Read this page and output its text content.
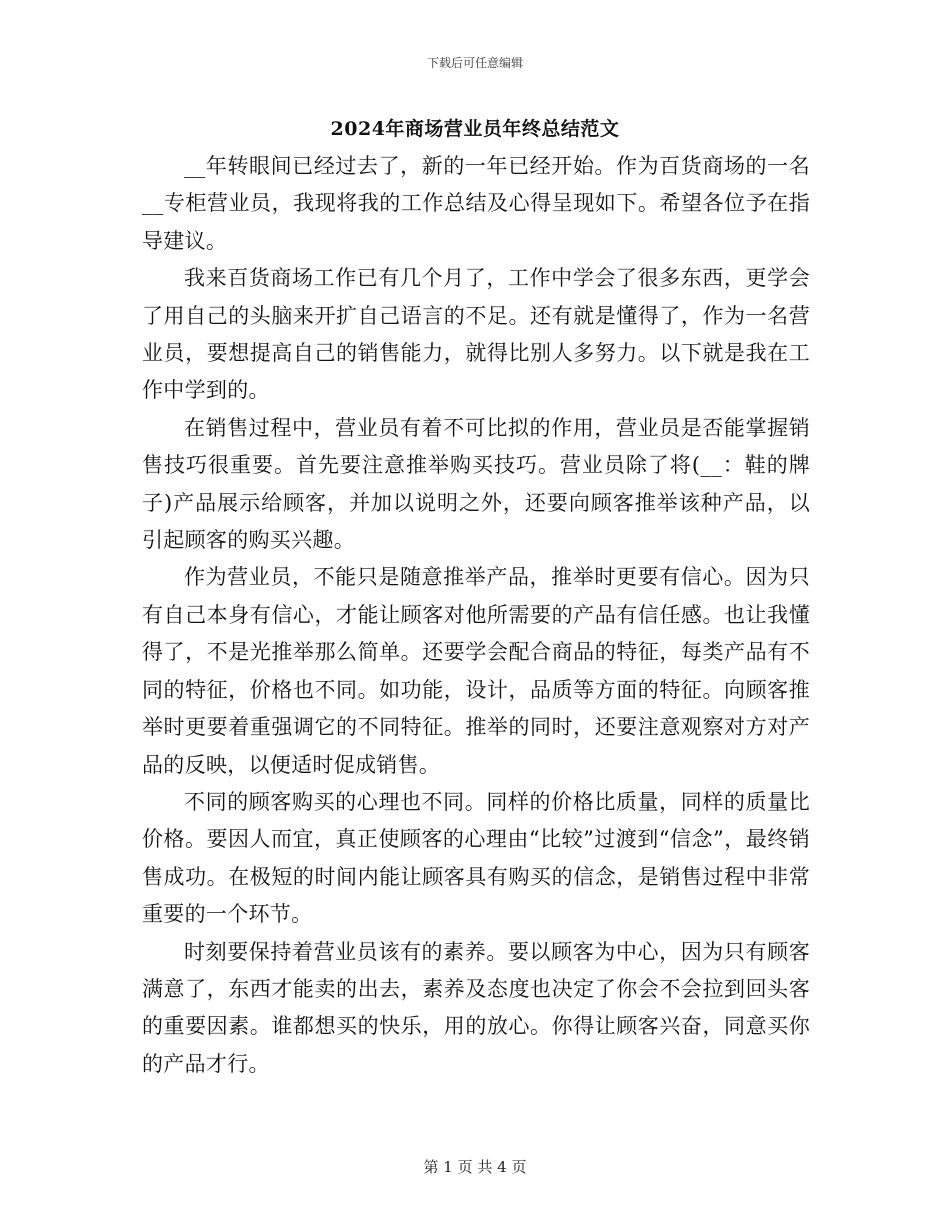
下载后可任意编辑
2024年商场营业员年终总结范文

__年转眼间已经过去了，新的一年已经开始。作为百货商场的一名__专柜营业员，我现将我的工作总结及心得呈现如下。希望各位予在指导建议。

我来百货商场工作已有几个月了，工作中学会了很多东西，更学会了用自己的头脑来开扩自己语言的不足。还有就是懂得了，作为一名营业员，要想提高自己的销售能力，就得比别人多努力。以下就是我在工作中学到的。

在销售过程中，营业员有着不可比拟的作用，营业员是否能掌握销售技巧很重要。首先要注意推举购买技巧。营业员除了将(__：鞋的牌子)产品展示给顾客，并加以说明之外，还要向顾客推举该种产品，以引起顾客的购买兴趣。

作为营业员，不能只是随意推举产品，推举时更要有信心。因为只有自己本身有信心，才能让顾客对他所需要的产品有信任感。也让我懂得了，不是光推举那么简单。还要学会配合商品的特征，每类产品有不同的特征，价格也不同。如功能，设计，品质等方面的特征。向顾客推举时更要着重强调它的不同特征。推举的同时，还要注意观察对方对产品的反映，以便适时促成销售。

不同的顾客购买的心理也不同。同样的价格比质量，同样的质量比价格。要因人而宜，真正使顾客的心理由“比较”过渡到“信念”，最终销售成功。在极短的时间内能让顾客具有购买的信念，是销售过程中非常重要的一个环节。

时刻要保持着营业员该有的素养。要以顾客为中心，因为只有顾客满意了，东西才能卖的出去，素养及态度也决定了你会不会拉到回头客的重要因素。谁都想买的快乐，用的放心。你得让顾客兴奋，同意买你的产品才行。

第 1 页 共 4 页
